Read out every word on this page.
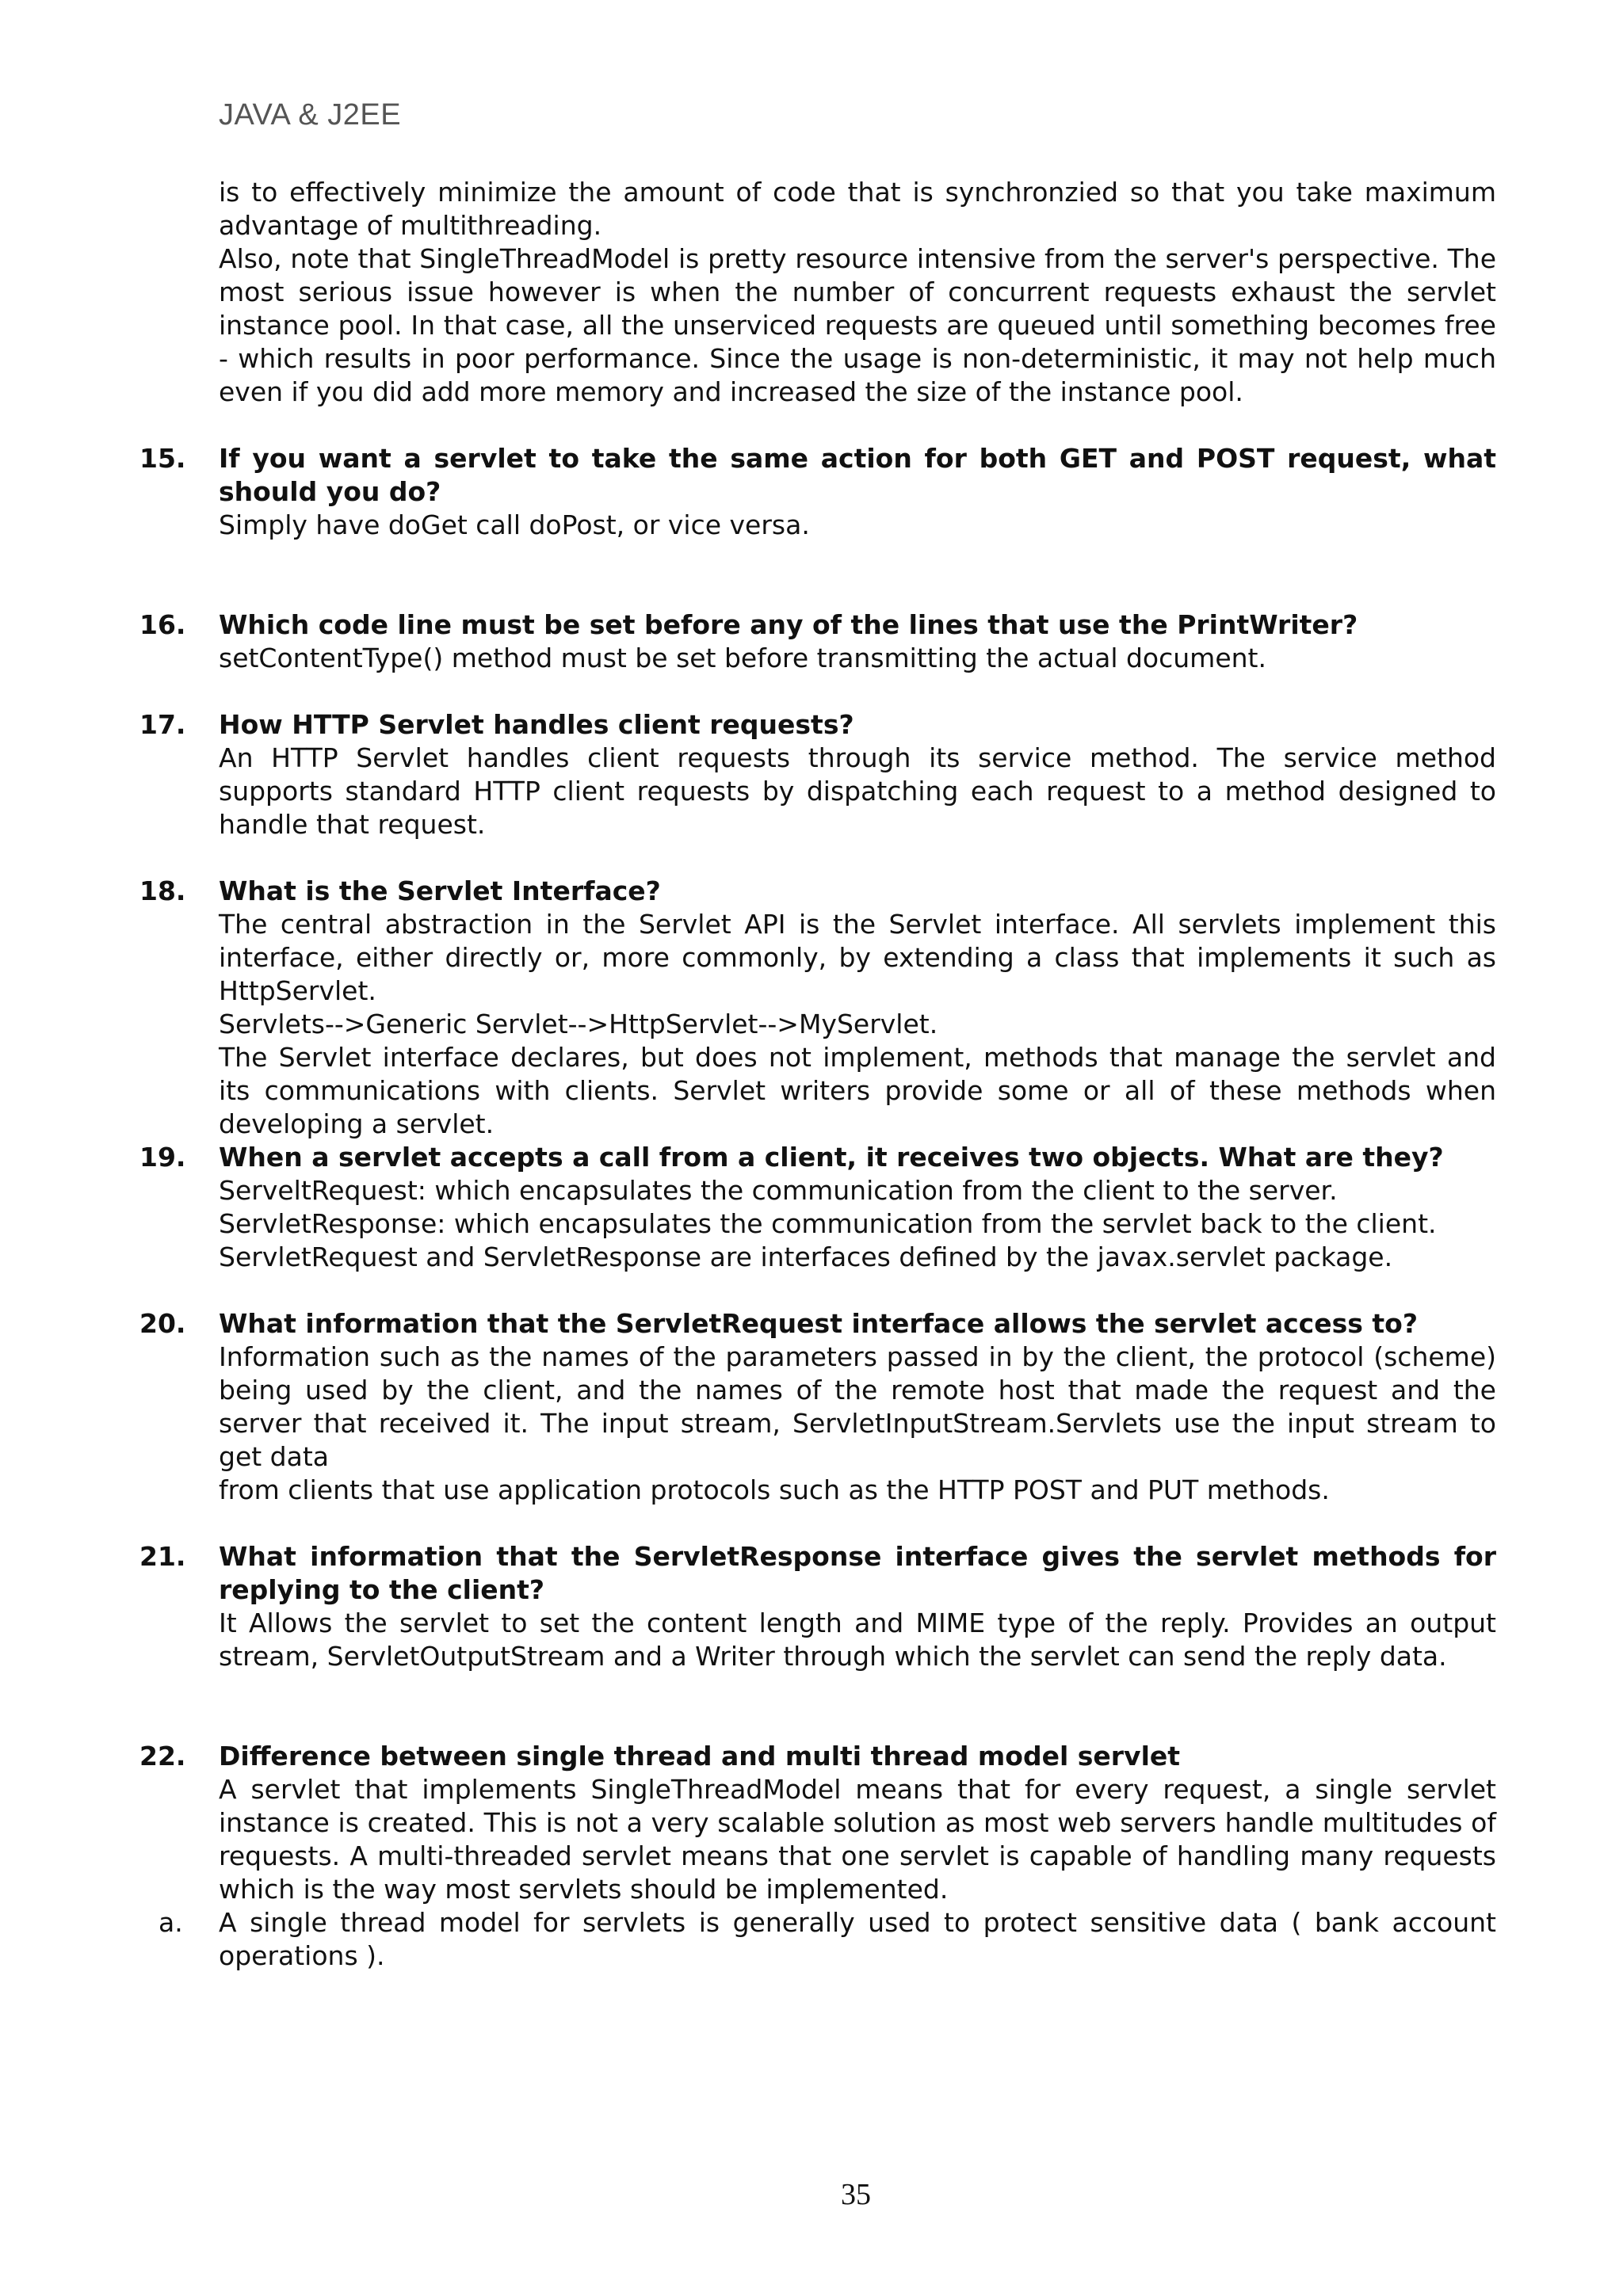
JAVA & J2EE

is to effectively minimize the amount of code that is synchronzied so that you take maximum advantage of multithreading.

Also, note that SingleThreadModel is pretty resource intensive from the server's perspective. The most serious issue however is when the number of concurrent requests exhaust the servlet instance pool. In that case, all the unserviced requests are queued until something becomes free - which results in poor performance. Since the usage is non-deterministic, it may not help much even if you did add more memory and increased the size of the instance pool.

15. If you want a servlet to take the same action for both GET and POST request, what should you do?

Simply have doGet call doPost, or vice versa.

16. Which code line must be set before any of the lines that use the PrintWriter?

setContentType() method must be set before transmitting the actual document.

17. How HTTP Servlet handles client requests?

An HTTP Servlet handles client requests through its service method. The service method supports standard HTTP client requests by dispatching each request to a method designed to handle that request.

18. What is the Servlet Interface?

The central abstraction in the Servlet API is the Servlet interface. All servlets implement this interface, either directly or, more commonly, by extending a class that implements it such as HttpServlet.

Servlets-->Generic Servlet-->HttpServlet-->MyServlet.

The Servlet interface declares, but does not implement, methods that manage the servlet and its communications with clients. Servlet writers provide some or all of these methods when developing a servlet.

19. When a servlet accepts a call from a client, it receives two objects. What are they?

ServeltRequest: which encapsulates the communication from the client to the server.

ServletResponse: which encapsulates the communication from the servlet back to the client.

ServletRequest and ServletResponse are interfaces defined by the javax.servlet package.

20. What information that the ServletRequest interface allows the servlet access to?

Information such as the names of the parameters passed in by the client, the protocol (scheme) being used by the client, and the names of the remote host that made the request and the server that received it. The input stream, ServletInputStream.Servlets use the input stream to get data

from clients that use application protocols such as the HTTP POST and PUT methods.

21. What information that the ServletResponse interface gives the servlet methods for replying to the client?

It Allows the servlet to set the content length and MIME type of the reply. Provides an output stream, ServletOutputStream and a Writer through which the servlet can send the reply data.

22. Difference between single thread and multi thread model servlet

A servlet that implements SingleThreadModel means that for every request, a single servlet instance is created. This is not a very scalable solution as most web servers handle multitudes of requests. A multi-threaded servlet means that one servlet is capable of handling many requests which is the way most servlets should be implemented.

a. A single thread model for servlets is generally used to protect sensitive data ( bank account operations ).
35
